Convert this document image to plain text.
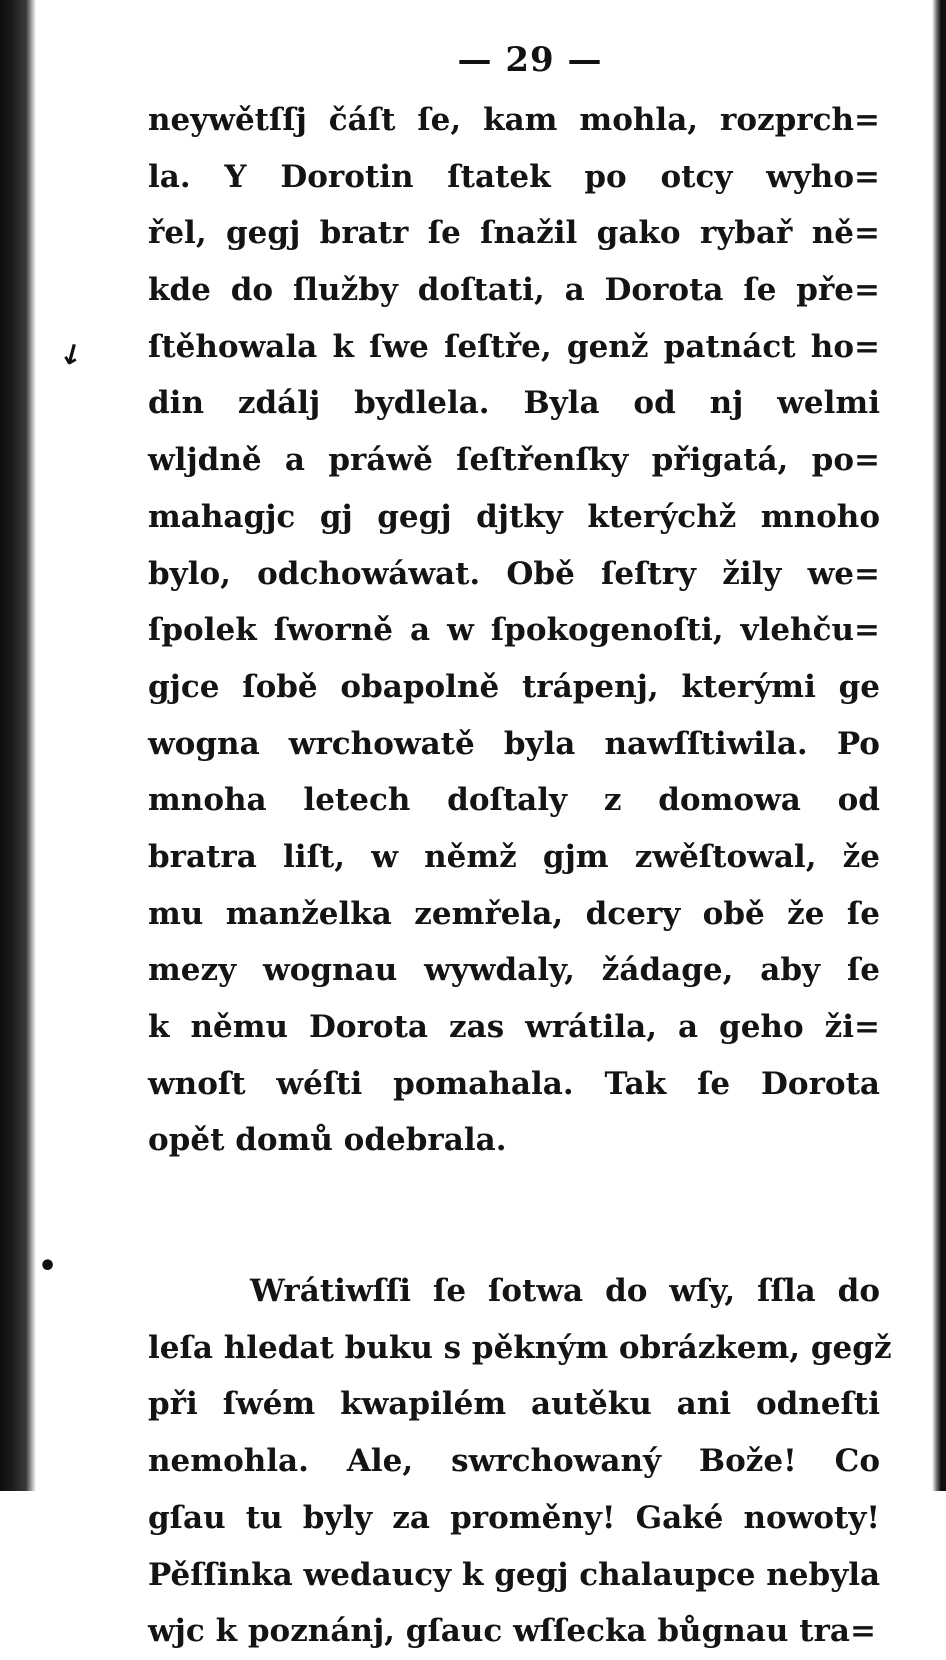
— 29 —
↙
•
neywětſſj čáſt ſe, kam mohla, rozprch=
la. Y Dorotin ſtatek po otcy wyho=
řel, gegj bratr ſe ſnažil gako rybař ně=
kde do ſlužby doſtati, a Dorota ſe pře=
ſtěhowala k ſwe ſeſtře, genž patnáct ho=
din zdálj bydlela. Byla od nj welmi
wljdně a práwě ſeſtřenſky přigatá, po=
mahagjc gj gegj djtky kterýchž mnoho
bylo, odchowáwat. Obě ſeſtry žily we=
ſpolek ſworně a w ſpokogenoſti, vlehču=
gjce ſobě obapolně trápenj, kterými ge
wogna wrchowatě byla nawſſtiwila. Po
mnoha letech doſtaly z domowa od
bratra liſt, w němž gjm zwěſtowal, že
mu manželka zemřela, dcery obě že ſe
mezy wognau wywdaly, žádage, aby ſe
k němu Dorota zas wrátila, a geho ži=
wnoſt wéſti pomahala. Tak ſe Dorota
opět domů odebrala.
Wrátiwſſi ſe ſotwa do wſy, ſſla do
leſa hledat buku s pěkným obrázkem, gegž
při ſwém kwapilém autěku ani odneſti
nemohla. Ale, swrchowaný Bože! Co
gſau tu byly za proměny! Gaké nowoty!
Pěſſinka wedaucy k gegj chalaupce nebyla
wjc k poznánj, gſauc wſſecka bůgnau tra=
